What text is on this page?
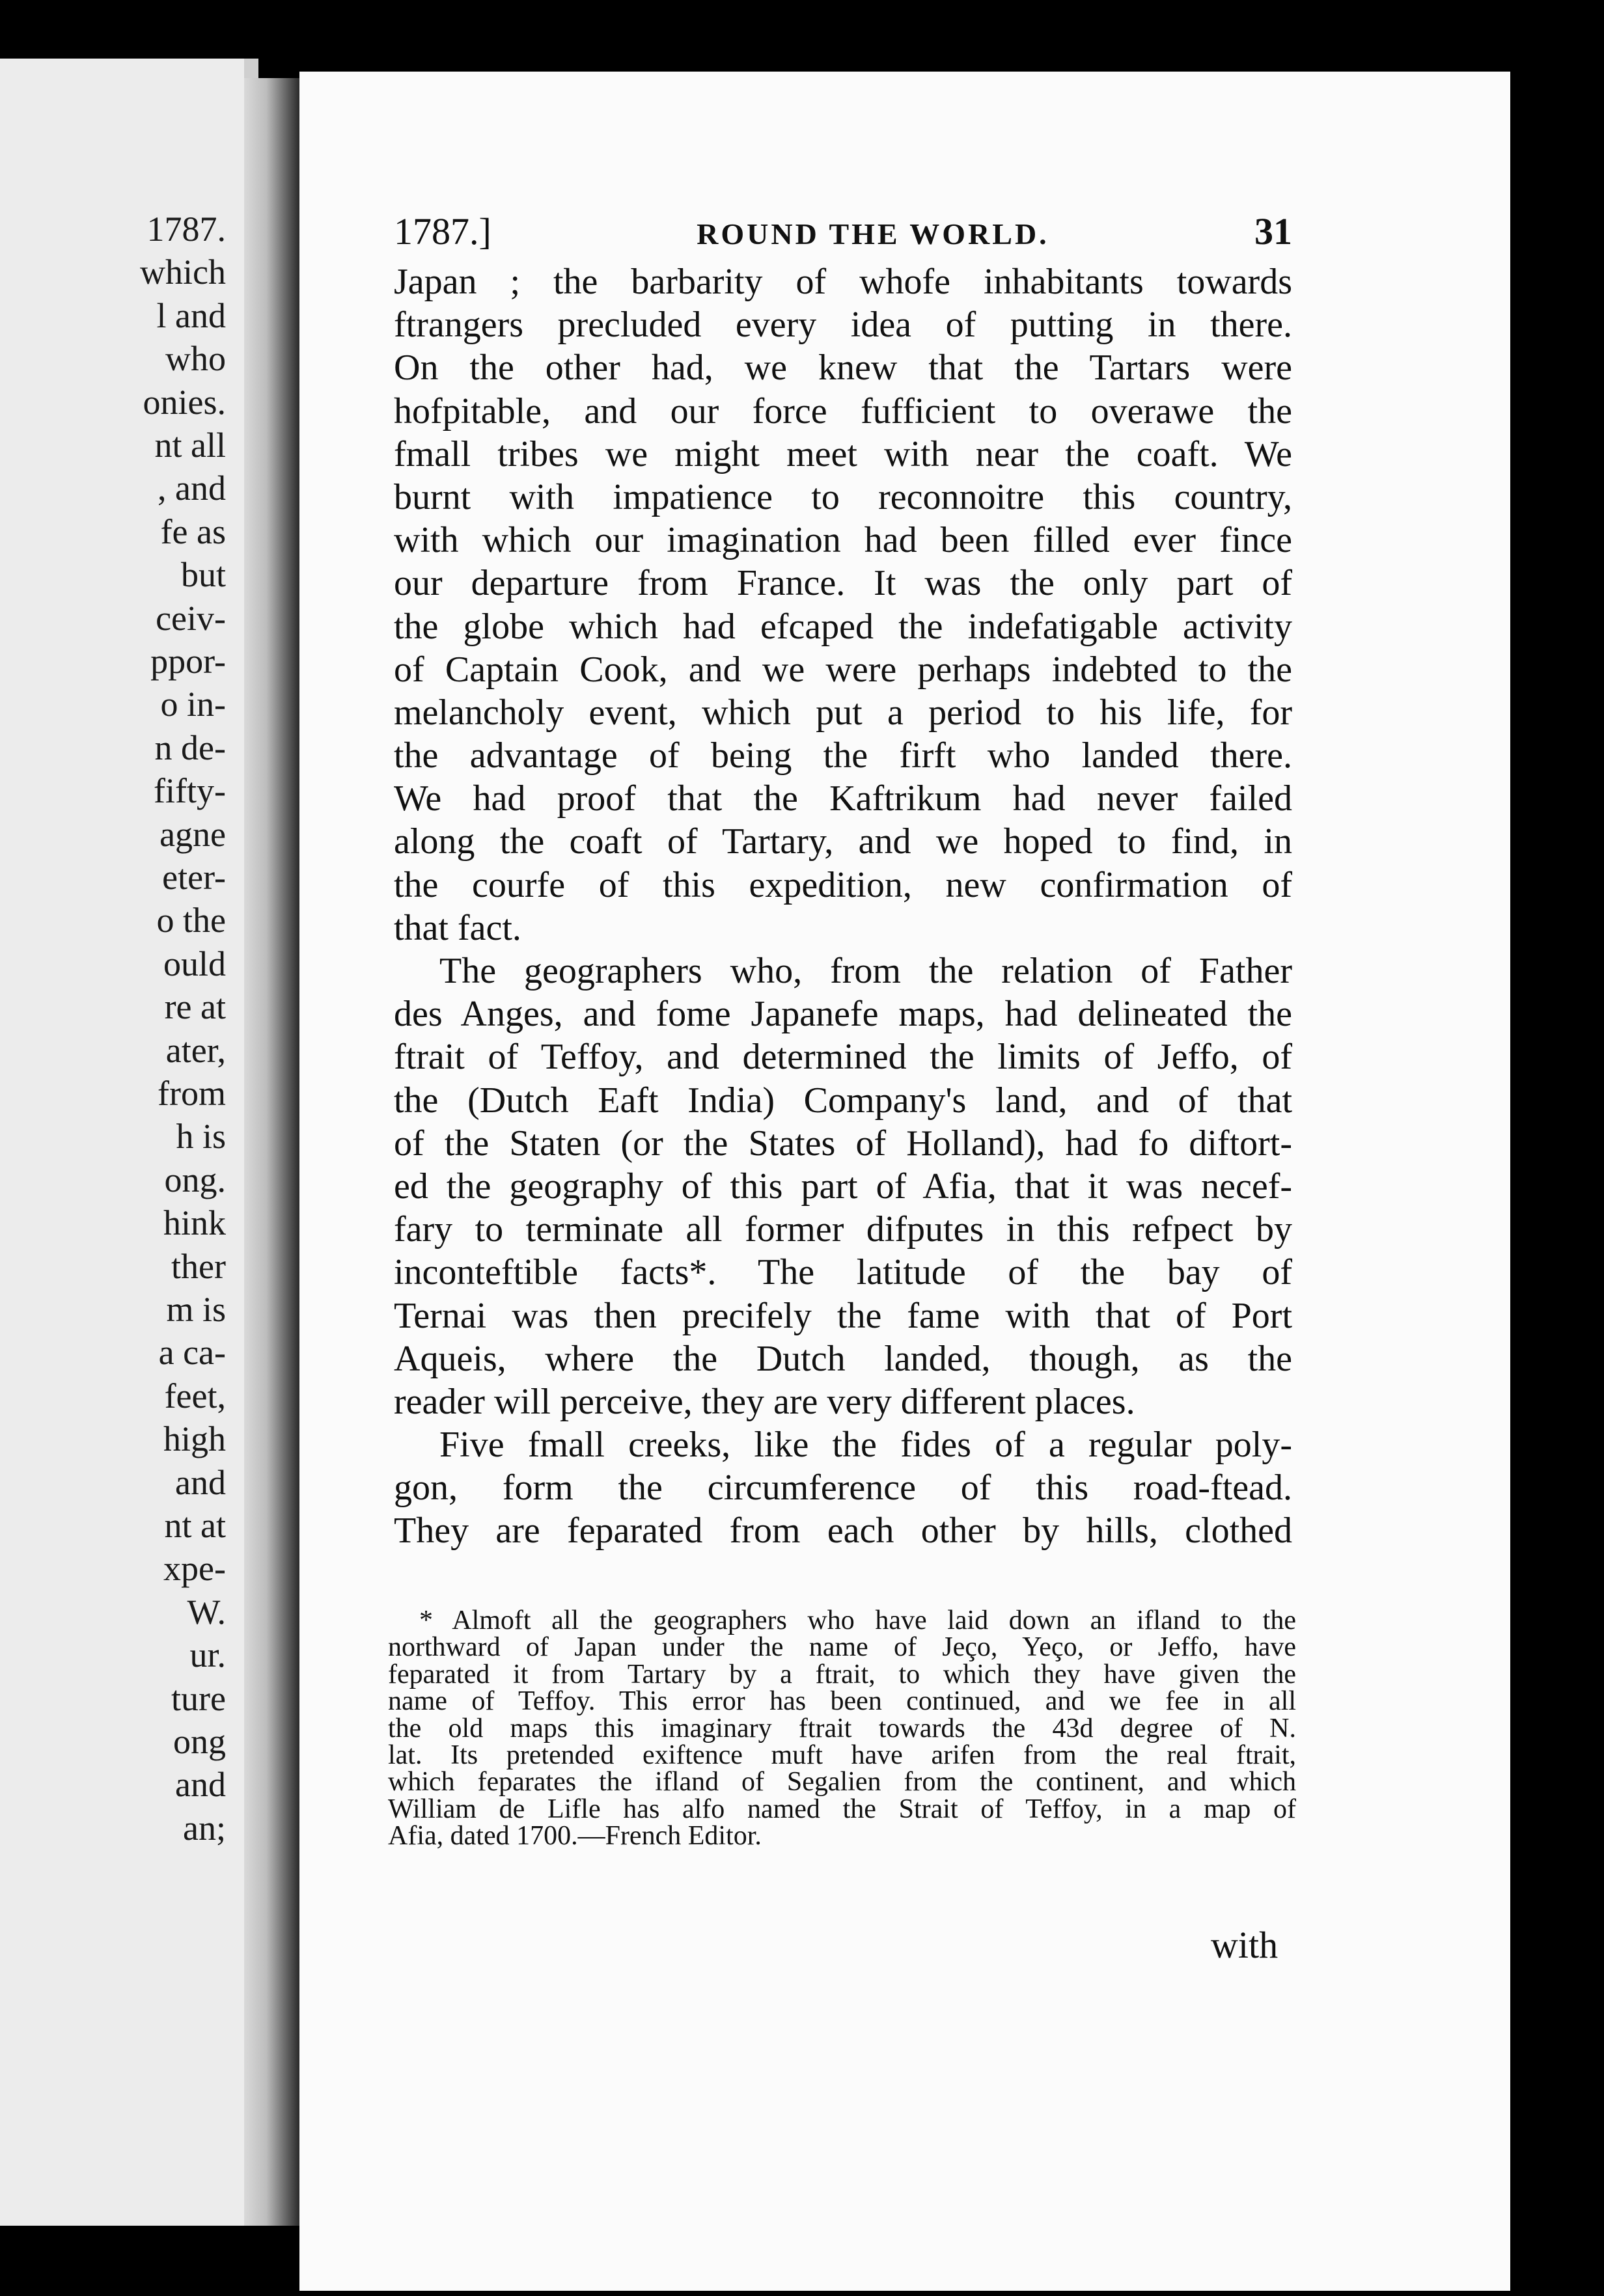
1787.
which
l and
who
onies.
nt all
, and
fe as
but
ceiv-
ppor-
o in-
n de-
fifty-
agne
eter-
o the
ould
re at
ater,
from
h is
ong.
hink
ther
m is
a ca-
feet,
high
and
nt at
xpe-
W.
ur.
ture
ong
and
an;
1787.]	ROUND THE WORLD.	31
Japan ; the barbarity of whofe inhabitants towards
ftrangers precluded every idea of putting in there.
On the other had, we knew that the Tartars were
hofpitable, and our force fufficient to overawe the
fmall tribes we might meet with near the coaft. We
burnt with impatience to reconnoitre this country,
with which our imagination had been filled ever fince
our departure from France. It was the only part of
the globe which had efcaped the indefatigable activity
of Captain Cook, and we were perhaps indebted to the
melancholy event, which put a period to his life, for
the advantage of being the firft who landed there.
We had proof that the Kaftrikum had never failed
along the coaft of Tartary, and we hoped to find, in
the courfe of this expedition, new confirmation of
that fact.
The geographers who, from the relation of Father
des Anges, and fome Japanefe maps, had delineated the
ftrait of Teffoy, and determined the limits of Jeffo, of
the (Dutch Eaft India) Company's land, and of that
of the Staten (or the States of Holland), had fo diftort-
ed the geography of this part of Afia, that it was necef-
fary to terminate all former difputes in this refpect by
inconteftible facts*. The latitude of the bay of
Ternai was then precifely the fame with that of Port
Aqueis, where the Dutch landed, though, as the
reader will perceive, they are very different places.
Five fmall creeks, like the fides of a regular poly-
gon, form the circumference of this road-ftead.
They are feparated from each other by hills, clothed
* Almoft all the geographers who have laid down an ifland to the
northward of Japan under the name of Jeço, Yeço, or Jeffo, have
feparated it from Tartary by a ftrait, to which they have given the
name of Teffoy. This error has been continued, and we fee in all
the old maps this imaginary ftrait towards the 43d degree of N.
lat. Its pretended exiftence muft have arifen from the real ftrait,
which feparates the ifland of Segalien from the continent, and which
William de Lifle has alfo named the Strait of Teffoy, in a map of
Afia, dated 1700.—French Editor.
with
